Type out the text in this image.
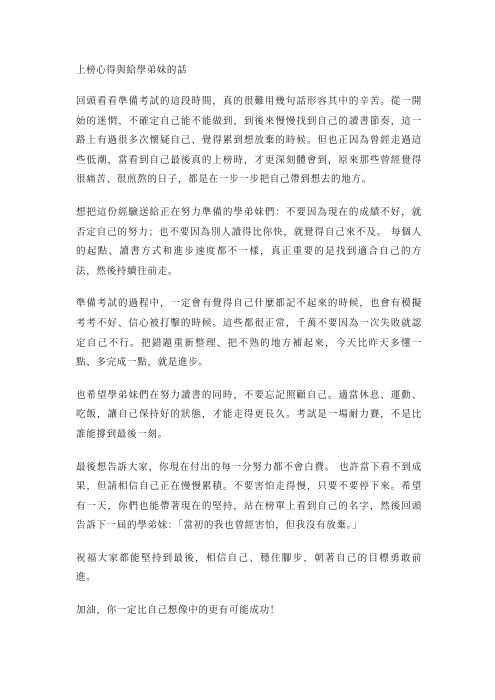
上榜心得與給學弟妹的話

回頭看看準備考試的這段時間，真的很難用幾句話形容其中的辛苦。從一開始的迷惘、不確定自己能不能做到，到後來慢慢找到自己的讀書節奏，這一路上有過很多次懷疑自己、覺得累到想放棄的時候。但也正因為曾經走過這些低潮，當看到自己最後真的上榜時，才更深刻體會到，原來那些曾經覺得很痛苦、很煎熬的日子，都是在一步一步把自己帶到想去的地方。

想把這份經驗送給正在努力準備的學弟妹們：不要因為現在的成績不好，就否定自己的努力；也不要因為別人讀得比你快，就覺得自己來不及。 每個人的起點、讀書方式和進步速度都不一樣，真正重要的是找到適合自己的方法，然後持續往前走。

準備考試的過程中，一定會有覺得自己什麼都記不起來的時候，也會有模擬考考不好、信心被打擊的時候。這些都很正常，千萬不要因為一次失敗就認定自己不行。把錯題重新整理、把不熟的地方補起來，今天比昨天多懂一點、多完成一點，就是進步。

也希望學弟妹們在努力讀書的同時，不要忘記照顧自己。適當休息、運動、吃飯，讓自己保持好的狀態，才能走得更長久。考試是一場耐力賽，不是比誰能撐到最後一刻。

最後想告訴大家，你現在付出的每一分努力都不會白費。 也許當下看不到成果，但請相信自己正在慢慢累積。不要害怕走得慢，只要不要停下來。希望有一天，你們也能帶著現在的堅持，站在榜單上看到自己的名字，然後回頭告訴下一屆的學弟妹：「當初的我也曾經害怕，但我沒有放棄。」

祝福大家都能堅持到最後，相信自己、穩住腳步，朝著自己的目標勇敢前進。

加油，你一定比自己想像中的更有可能成功！
